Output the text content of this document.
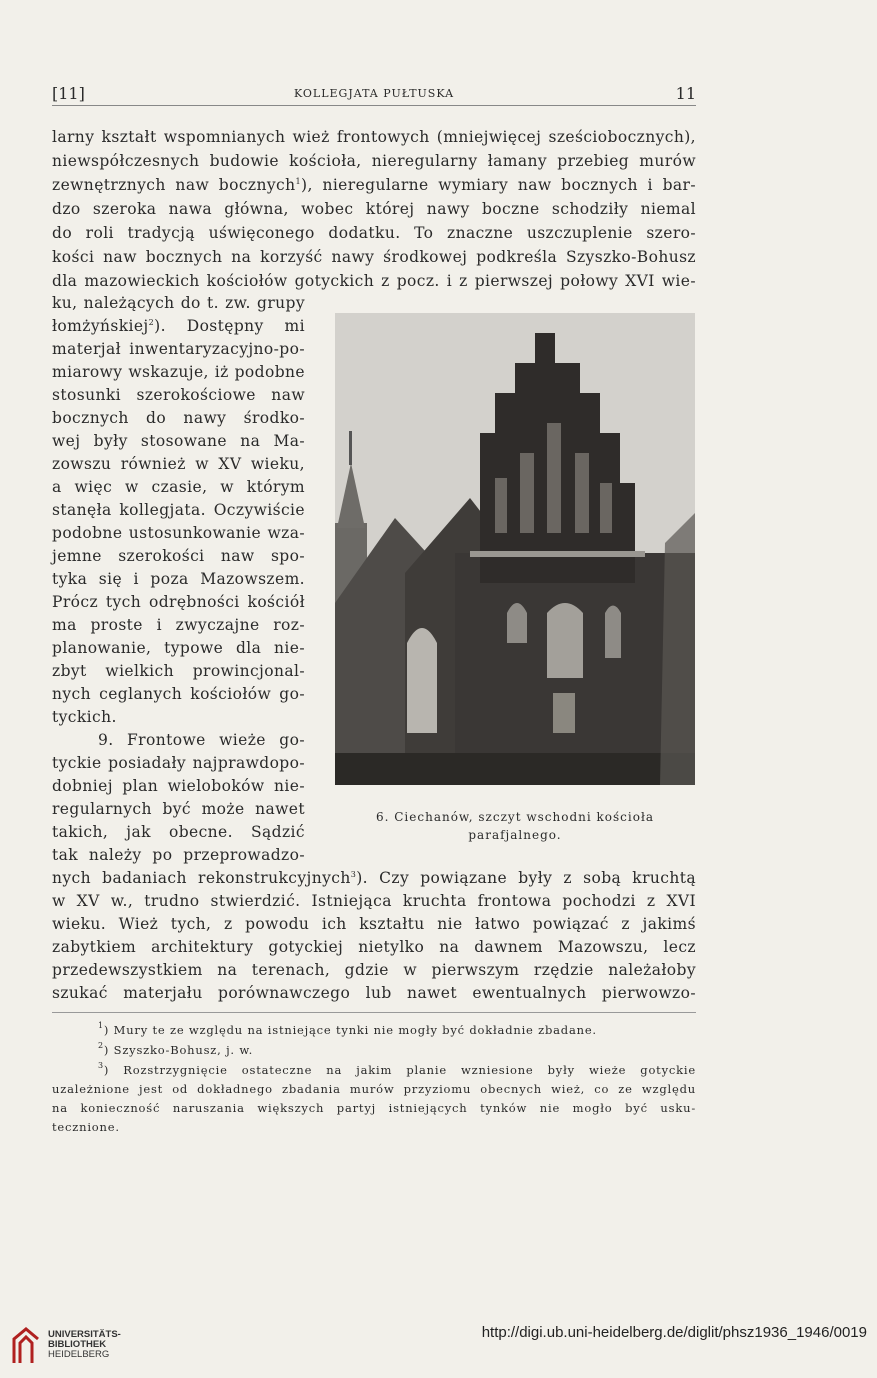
[11]	KOLLEGJATA PUŁTUSKA	11
larny kształt wspomnianych wież frontowych (mniejwięcej sześciobocznych),
niewspółczesnych budowie kościoła, nieregularny łamany przebieg murów
zewnętrznych naw bocznych$^1$), nieregularne wymiary naw bocznych i bar-
dzo szeroka nawa główna, wobec której nawy boczne schodziły niemal
do roli tradycją uświęconego dodatku. To znaczne uszczuplenie szero-
kości naw bocznych na korzyść nawy środkowej podkreśla Szyszko-Bohusz
dla mazowieckich kościołów gotyckich z pocz. i z pierwszej połowy XVI wie-
ku, należących do t. zw. grupy
łomżyńskiej$^2$). Dostępny mi
materjał inwentaryzacyjno-po-
miarowy wskazuje, iż podobne
stosunki szerokościowe naw
bocznych do nawy środko-
wej były stosowane na Ma-
zowszu również w XV wieku,
a więc w czasie, w którym
stanęła kollegjata. Oczywiście
podobne ustosunkowanie wza-
jemne szerokości naw spo-
tyka się i poza Mazowszem.
Prócz tych odrębności kościół
ma proste i zwyczajne roz-
planowanie, typowe dla nie-
zbyt wielkich prowincjonal-
nych ceglanych kościołów go-
tyckich.
9. Frontowe wieże go-
tyckie posiadały najprawdopo-
dobniej plan wieloboków nie-
regularnych być może nawet
takich, jak obecne. Sądzić
tak należy po przeprowadzo-
nych badaniach rekonstrukcyjnych$^3$). Czy powiązane były z sobą kruchtą
w XV w., trudno stwierdzić. Istniejąca kruchta frontowa pochodzi z XVI
wieku. Wież tych, z powodu ich kształtu nie łatwo powiązać z jakimś
zabytkiem architektury gotyckiej nietylko na dawnem Mazowszu, lecz
przedewszystkiem na terenach, gdzie w pierwszym rzędzie należałoby
szukać materjału porównawczego lub nawet ewentualnych pierwowzo-
6. Ciechanów, szczyt wschodni kościoła
parafjalnego.
$^1$) Mury te ze względu na istniejące tynki nie mogły być dokładnie zbadane.
$^2$) Szyszko-Bohusz, j. w.
$^3$) Rozstrzygnięcie ostateczne na jakim planie wzniesione były wieże gotyckie
uzależnione jest od dokładnego zbadania murów przyziomu obecnych wież, co ze względu
na konieczność naruszania większych partyj istniejących tynków nie mogło być usku-
tecznione.
UNIVERSITÄTS-
BIBLIOTHEK
HEIDELBERG
http://digi.ub.uni-heidelberg.de/diglit/phsz1936_1946/0019
